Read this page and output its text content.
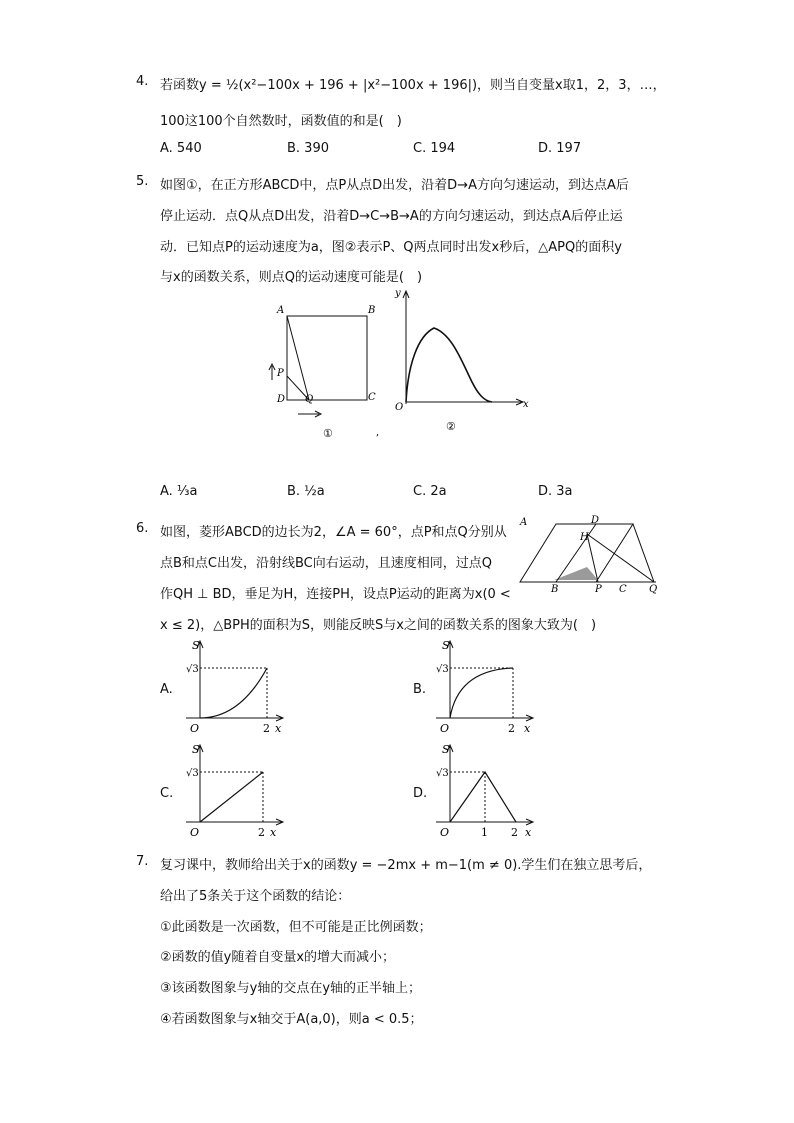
4. 若函数y = ½(x²−100x + 196 + |x²−100x + 196|)，则当自变量x取1，2，3，…，
100这100个自然数时，函数值的和是(　)
A. 540	B. 390	C. 194	D. 197
5. 如图①，在正方形ABCD中，点P从点D出发，沿着D→A方向匀速运动，到达点A后
停止运动．点Q从点D出发，沿着D→C→B→A的方向匀速运动，到达点A后停止运
动．已知点P的运动速度为a，图②表示P、Q两点同时出发x秒后，△APQ的面积y
与x的函数关系，则点Q的运动速度可能是(　)
A	B
C
D
P
Q
①	,
y
x
O
②
A. ⅓a	B. ½a	C. 2a	D. 3a
6. 如图，菱形ABCD的边长为2，∠A = 60°，点P和点Q分别从
点B和点C出发，沿射线BC向右运动，且速度相同，过点Q
作QH ⊥ BD，垂足为H，连接PH，设点P运动的距离为x(0 <
x ≤ 2)，△BPH的面积为S，则能反映S与x之间的函数关系的图象大致为(　)
A	D
H
B	P C Q
A.
S
√3
O	2 x
B.
S
√3
O	2 x
C.
S
√3
O	2 x
D.
S
√3
O	1 2 x
7. 复习课中，教师给出关于x的函数y = −2mx + m−1(m ≠ 0).学生们在独立思考后，
给出了5条关于这个函数的结论：
①此函数是一次函数，但不可能是正比例函数；
②函数的值y随着自变量x的增大而减小；
③该函数图象与y轴的交点在y轴的正半轴上；
④若函数图象与x轴交于A(a,0)，则a < 0.5；
